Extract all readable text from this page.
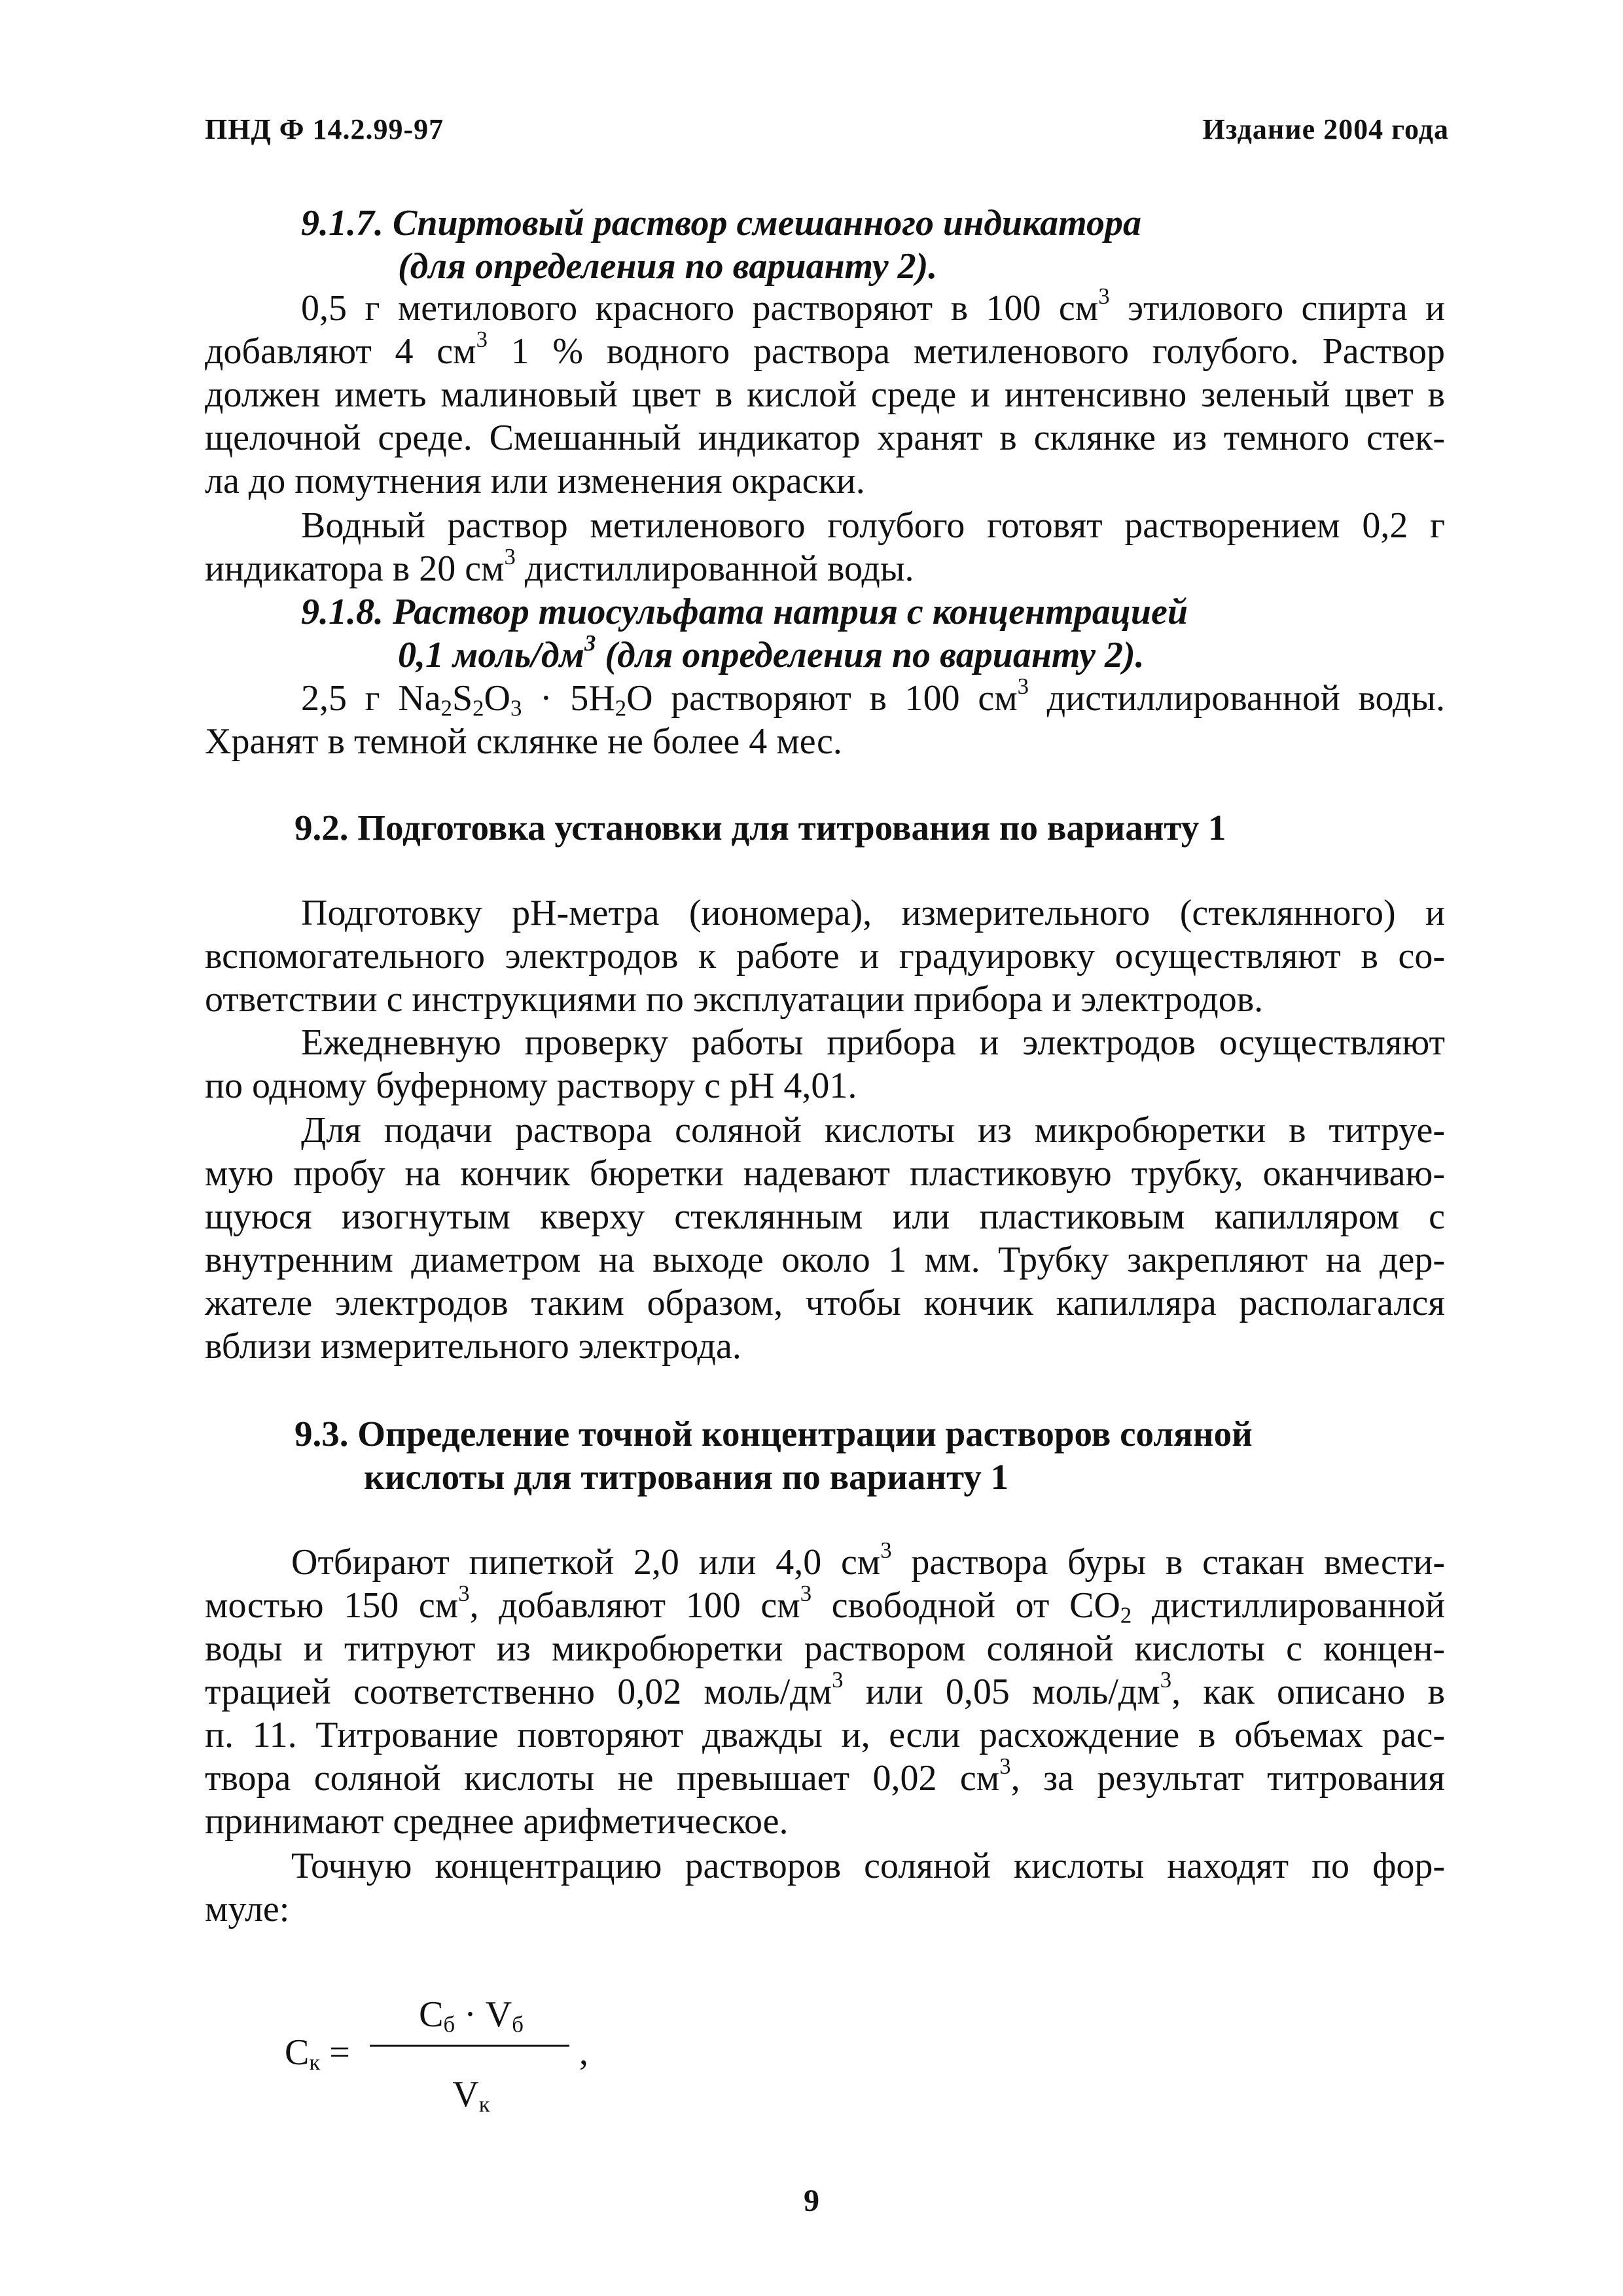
ПНД Ф 14.2.99-97	Издание 2004 года
9.1.7. Спиртовый раствор смешанного индикатора
(для определения по варианту 2).
0,5 г метилового красного растворяют в 100 $см^3$ этилового спирта и
добавляют 4 $см^3$ 1 % водного раствора метиленового голубого. Раствор
должен иметь малиновый цвет в кислой среде и интенсивно зеленый цвет в
щелочной среде. Смешанный индикатор хранят в склянке из темного стек-
ла до помутнения или изменения окраски.
Водный раствор метиленового голубого готовят растворением 0,2 г
индикатора в 20 $см^3$ дистиллированной воды.
9.1.8. Раствор тиосульфата натрия с концентрацией
0,1 моль/$дм^3$ (для определения по варианту 2).
2,5 г $Na_2S_2O_3 \cdot 5H_2O$ растворяют в 100 $см^3$ дистиллированной воды.
Хранят в темной склянке не более 4 мес.
9.2. Подготовка установки для титрования по варианту 1
Подготовку рН-метра (иономера), измерительного (стеклянного) и
вспомогательного электродов к работе и градуировку осуществляют в со-
ответствии с инструкциями по эксплуатации прибора и электродов.
Ежедневную проверку работы прибора и электродов осуществляют
по одному буферному раствору с рН 4,01.
Для подачи раствора соляной кислоты из микробюретки в титруе-
мую пробу на кончик бюретки надевают пластиковую трубку, оканчиваю-
щуюся изогнутым кверху стеклянным или пластиковым капилляром с
внутренним диаметром на выходе около 1 мм. Трубку закрепляют на дер-
жателе электродов таким образом, чтобы кончик капилляра располагался
вблизи измерительного электрода.
9.3. Определение точной концентрации растворов соляной
кислоты для титрования по варианту 1
Отбирают пипеткой 2,0 или 4,0 $см^3$ раствора буры в стакан вмести-
мостью 150 $см^3$, добавляют 100 $см^3$ свободной от $СО_2$ дистиллированной
воды и титруют из микробюретки раствором соляной кислоты с концен-
трацией соответственно 0,02 моль/$дм^3$ или 0,05 моль/$дм^3$, как описано в
п. 11. Титрование повторяют дважды и, если расхождение в объемах рас-
твора соляной кислоты не превышает 0,02 $см^3$, за результат титрования
принимают среднее арифметическое.
Точную концентрацию растворов соляной кислоты находят по фор-
муле:
$С_к$ =
$С_б \cdot V_б$
$V_к$
,
9
